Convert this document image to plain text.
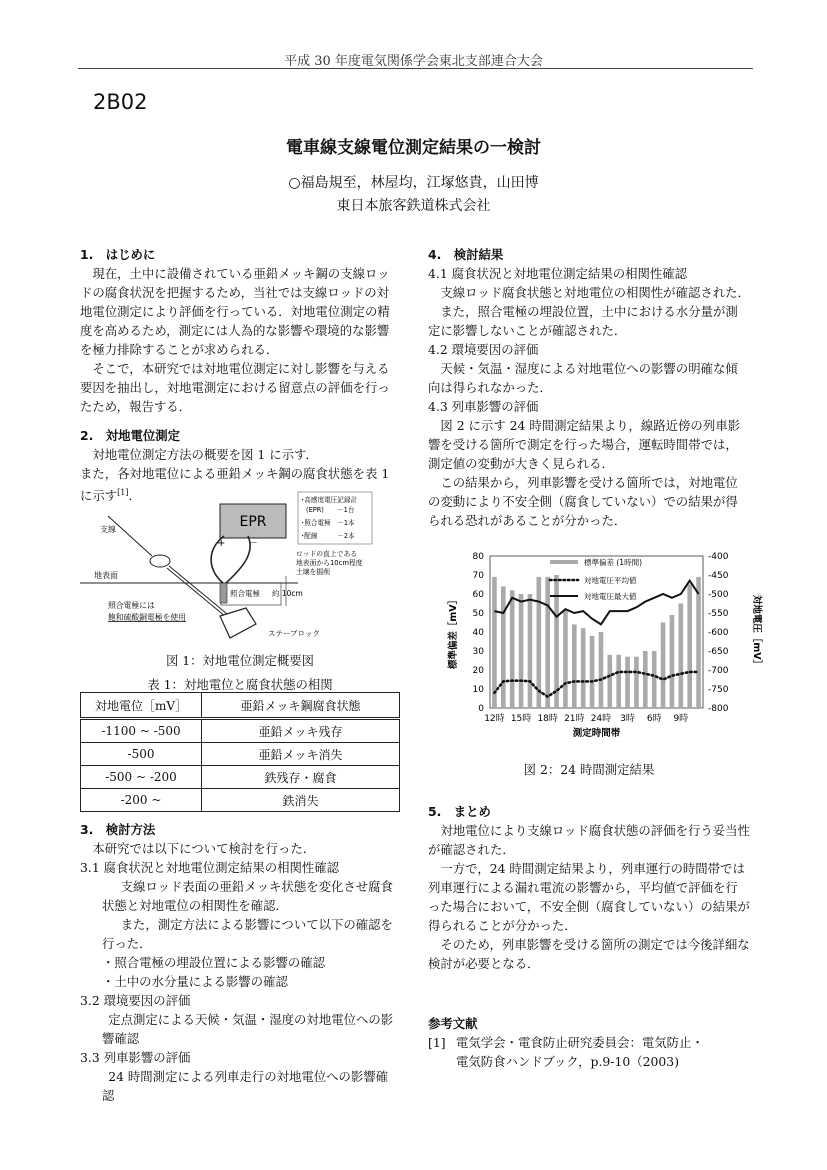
平成 30 年度電気関係学会東北支部連合大会
2B02
電車線支線電位測定結果の一検討
○福島規至，林屋均，江塚悠貴，山田博
東日本旅客鉄道株式会社

1.　はじめに

現在，土中に設備されている亜鉛メッキ鋼の支線ロッドの腐食状況を把握するため，当社では支線ロッドの対地電位測定により評価を行っている．対地電位測定の精度を高めるため，測定には人為的な影響や環境的な影響を極力排除することが求められる．

そこで，本研究では対地電位測定に対し影響を与える要因を抽出し，対地電測定における留意点の評価を行ったため，報告する．

2.　対地電位測定

対地電位測定方法の概要を図 1 に示す．

また，各対地電位による亜鉛メッキ鋼の腐食状態を表 1 に示す[1]．

EPR
+ －
･高感度電圧記録計
(EPR)　　－1台
･照合電極　－1本
･配線　　　－2本
支線
地表面
照合電極 約 10cm
ロッドの直上である
地表面から10cm程度
土壌を掘削
照合電極には
飽和硫酸銅電極を使用
ステーブロック
図 1：対地電位測定概要図
表 1：対地電位と腐食状態の相関
対地電位［mV］	亜鉛メッキ鋼腐食状態
-1100 ~ -500	亜鉛メッキ残存
-500	亜鉛メッキ消失
-500 ~ -200	鉄残存・腐食
-200 ~	鉄消失

3.　検討方法

本研究では以下について検討を行った．

3.1 腐食状況と対地電位測定結果の相関性確認

支線ロッド表面の亜鉛メッキ状態を変化させ腐食状態と対地電位の相関性を確認．

また，測定方法による影響について以下の確認を行った．

・照合電極の埋設位置による影響の確認

・土中の水分量による影響の確認

3.2 環境要因の評価

定点測定による天候・気温・湿度の対地電位への影響確認

3.3 列車影響の評価

24 時間測定による列車走行の対地電位への影響確認

4.　検討結果

4.1 腐食状況と対地電位測定結果の相関性確認

支線ロッド腐食状態と対地電位の相関性が確認された．

また，照合電極の埋設位置，土中における水分量が測定に影響しないことが確認された．

4.2 環境要因の評価

天候・気温・湿度による対地電位への影響の明確な傾向は得られなかった．

4.3 列車影響の評価

図 2 に示す 24 時間測定結果より，線路近傍の列車影響を受ける箇所で測定を行った場合，運転時間帯では，測定値の変動が大きく見られる．

この結果から，列車影響を受ける箇所では，対地電位の変動により不安全側（腐食していない）での結果が得られる恐れがあることが分かった．

0
10
20
30
40
50
60
70
80	-400
-450
-500
-550
-600
-650
-700
-750
-800
12時 15時 18時 21時 24時 3時 6時 9時
測定時間帯
標準偏差［mV］	対地電圧［mV］
標準偏差 (1時間)
対地電圧平均値
対地電圧最大値
図 2：24 時間測定結果

5.　まとめ

対地電位により支線ロッド腐食状態の評価を行う妥当性が確認された．

一方で，24 時間測定結果より，列車運行の時間帯では列車運行による漏れ電流の影響から，平均値で評価を行った場合において，不安全側（腐食していない）の結果が得られることが分かった．

そのため，列車影響を受ける箇所の測定では今後詳細な検討が必要となる．

参考文献

[1] 電気学会・電食防止研究委員会：電気防止・
電気防食ハンドブック，p.9-10（2003)
